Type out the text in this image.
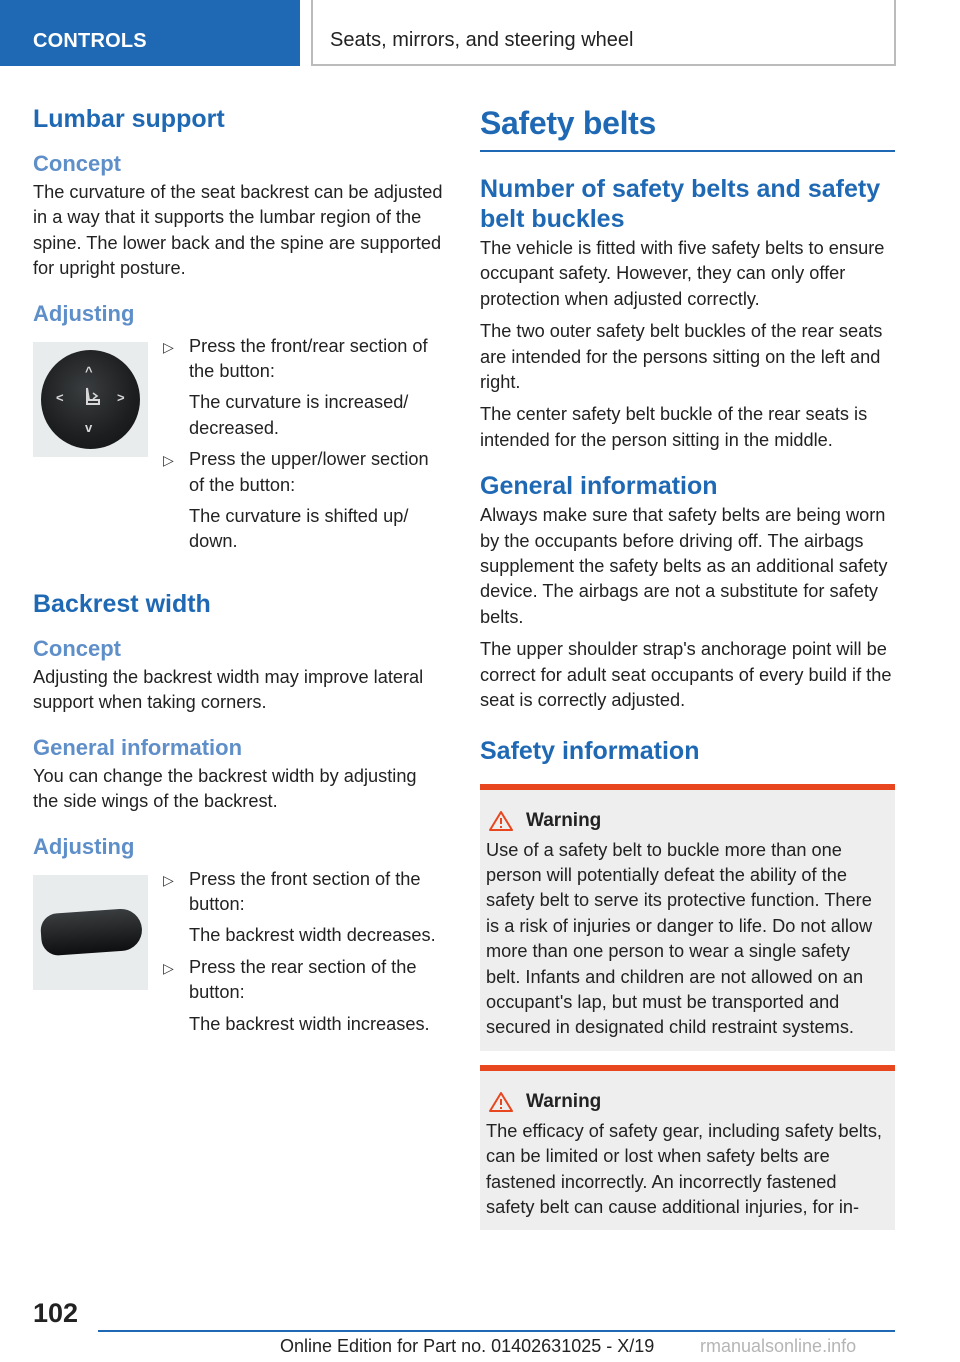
CONTROLS	Seats, mirrors, and steering wheel
Lumbar support
Concept
The curvature of the seat backrest can be adjusted in a way that it supports the lumbar region of the spine. The lower back and the spine are supported for upright posture.
Adjusting
^
<	>
v
▷ Press the front/rear section of the button:
The curvature is increased/ decreased.
▷ Press the upper/lower section of the button:
The curvature is shifted up/ down.
Backrest width
Concept
Adjusting the backrest width may improve lateral support when taking corners.
General information
You can change the backrest width by adjusting the side wings of the backrest.
Adjusting
▷ Press the front section of the button:
The backrest width decreases.
▷ Press the rear section of the button:
The backrest width increases.
Safety belts
Number of safety belts and safety belt buckles
The vehicle is fitted with five safety belts to ensure occupant safety. However, they can only offer protection when adjusted correctly.
The two outer safety belt buckles of the rear seats are intended for the persons sitting on the left and right.
The center safety belt buckle of the rear seats is intended for the person sitting in the middle.
General information
Always make sure that safety belts are being worn by the occupants before driving off. The airbags supplement the safety belts as an additional safety device. The airbags are not a substitute for safety belts.
The upper shoulder strap's anchorage point will be correct for adult seat occupants of every build if the seat is correctly adjusted.
Safety information
Warning
Use of a safety belt to buckle more than one person will potentially defeat the ability of the safety belt to serve its protective function. There is a risk of injuries or danger to life. Do not allow more than one person to wear a single safety belt. Infants and children are not allowed on an occupant's lap, but must be transported and secured in designated child restraint systems.
Warning
The efficacy of safety gear, including safety belts, can be limited or lost when safety belts are fastened incorrectly. An incorrectly fastened safety belt can cause additional injuries, for in-
102
Online Edition for Part no. 01402631025 - X/19	rmanualsonline.info
